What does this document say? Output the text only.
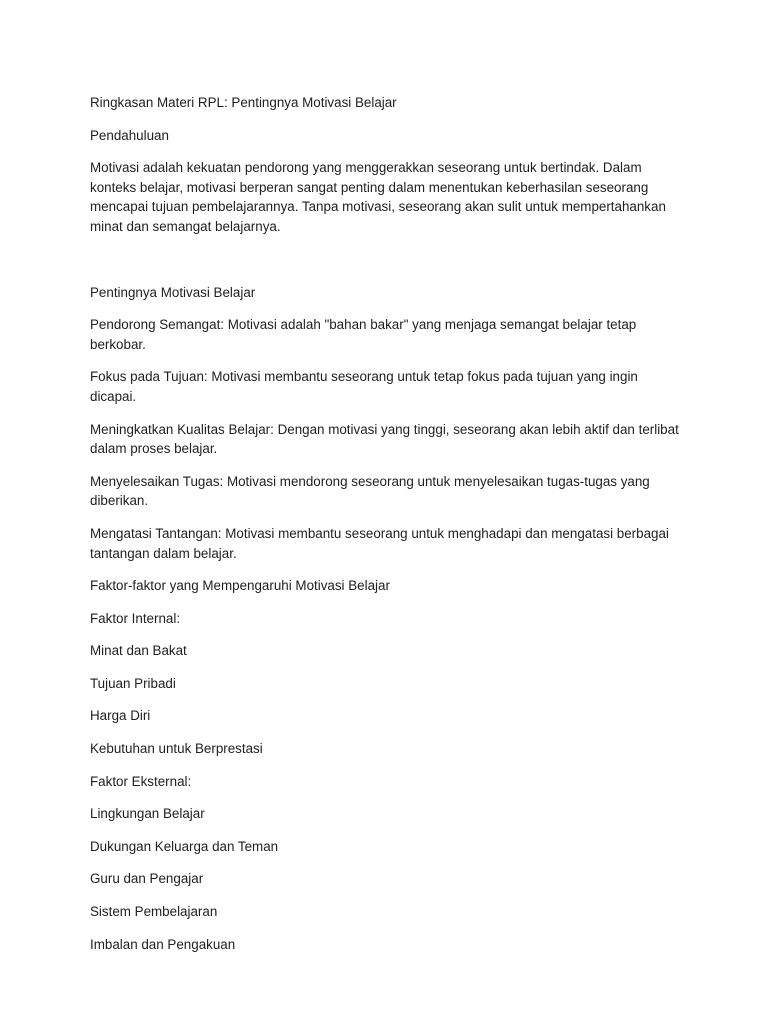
Ringkasan Materi RPL: Pentingnya Motivasi Belajar

Pendahuluan

Motivasi adalah kekuatan pendorong yang menggerakkan seseorang untuk bertindak. Dalam konteks belajar, motivasi berperan sangat penting dalam menentukan keberhasilan seseorang mencapai tujuan pembelajarannya. Tanpa motivasi, seseorang akan sulit untuk mempertahankan minat dan semangat belajarnya.

Pentingnya Motivasi Belajar

Pendorong Semangat: Motivasi adalah "bahan bakar" yang menjaga semangat belajar tetap berkobar.

Fokus pada Tujuan: Motivasi membantu seseorang untuk tetap fokus pada tujuan yang ingin dicapai.

Meningkatkan Kualitas Belajar: Dengan motivasi yang tinggi, seseorang akan lebih aktif dan terlibat dalam proses belajar.

Menyelesaikan Tugas: Motivasi mendorong seseorang untuk menyelesaikan tugas-tugas yang diberikan.

Mengatasi Tantangan: Motivasi membantu seseorang untuk menghadapi dan mengatasi berbagai tantangan dalam belajar.

Faktor-faktor yang Mempengaruhi Motivasi Belajar

Faktor Internal:

Minat dan Bakat

Tujuan Pribadi

Harga Diri

Kebutuhan untuk Berprestasi

Faktor Eksternal:

Lingkungan Belajar

Dukungan Keluarga dan Teman

Guru dan Pengajar

Sistem Pembelajaran

Imbalan dan Pengakuan
